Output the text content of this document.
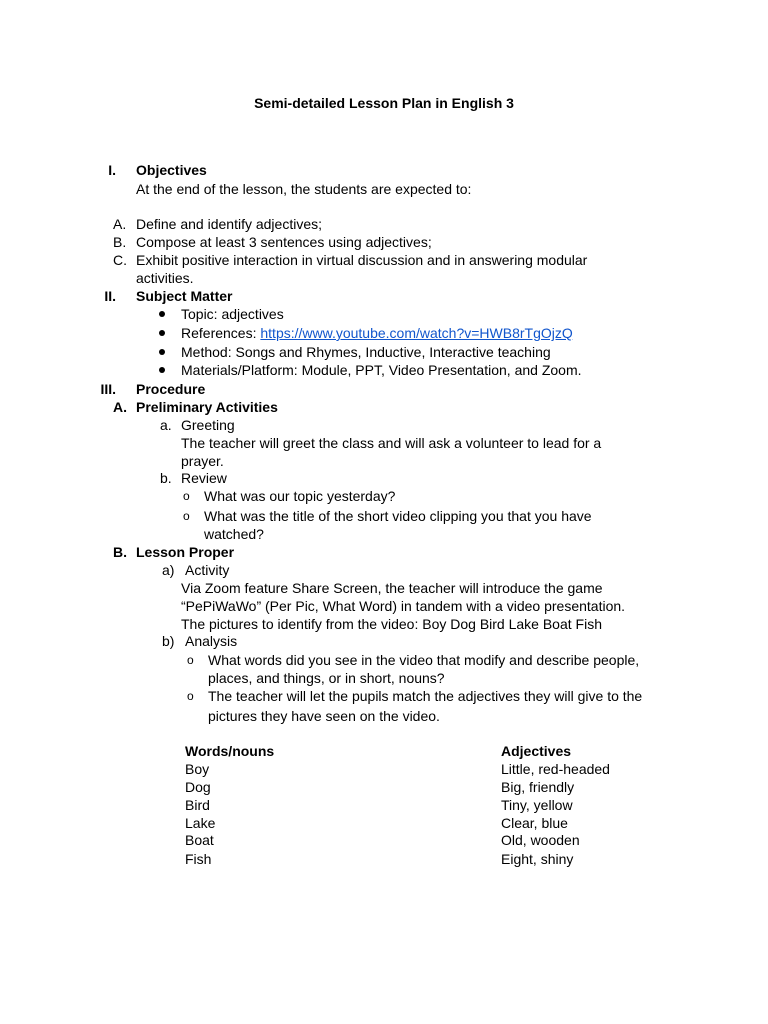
Semi-detailed Lesson Plan in English 3
I. Objectives
At the end of the lesson, the students are expected to:
A. Define and identify adjectives;
B. Compose at least 3 sentences using adjectives;
C. Exhibit positive interaction in virtual discussion and in answering modular
activities.
II. Subject Matter
Topic: adjectives
References: https://www.youtube.com/watch?v=HWB8rTgOjzQ
Method: Songs and Rhymes, Inductive, Interactive teaching
Materials/Platform: Module, PPT, Video Presentation, and Zoom.
III. Procedure
A. Preliminary Activities
a. Greeting
The teacher will greet the class and will ask a volunteer to lead for a
prayer.
b. Review
o What was our topic yesterday?
o What was the title of the short video clipping you that you have
watched?
B. Lesson Proper
a) Activity
Via Zoom feature Share Screen, the teacher will introduce the game
“PePiWaWo” (Per Pic, What Word) in tandem with a video presentation.
The pictures to identify from the video: Boy Dog Bird Lake Boat Fish
b) Analysis
o What words did you see in the video that modify and describe people,
places, and things, or in short, nouns?
o The teacher will let the pupils match the adjectives they will give to the
pictures they have seen on the video.
Words/nouns	Adjectives
Boy	Little, red-headed
Dog	Big, friendly
Bird	Tiny, yellow
Lake	Clear, blue
Boat	Old, wooden
Fish	Eight, shiny
